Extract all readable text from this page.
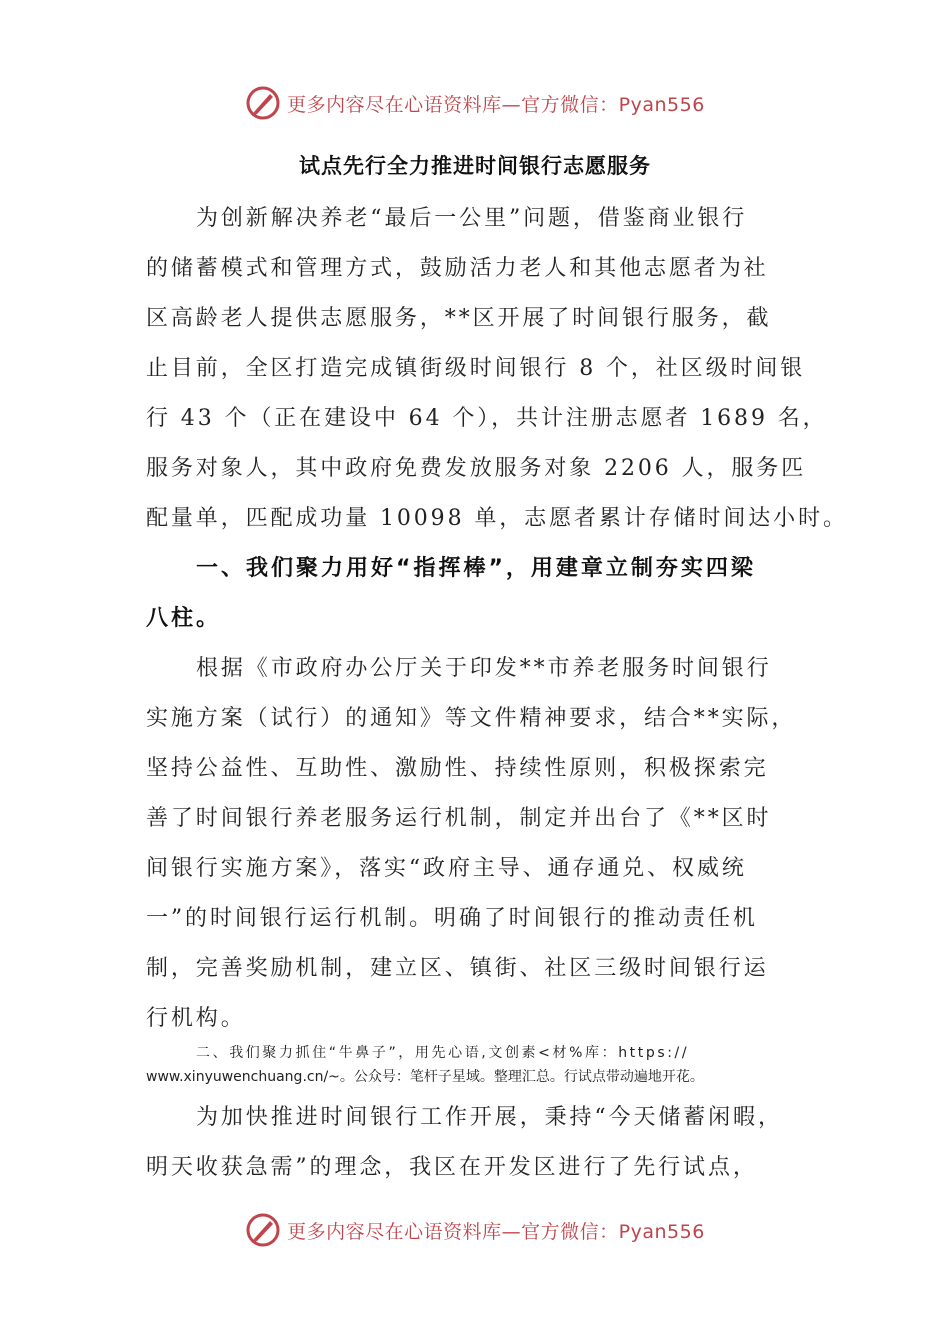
更多内容尽在心语资料库—官方微信：Pyan556
试点先行全力推进时间银行志愿服务
为创新解决养老“最后一公里”问题，借鉴商业银行
的储蓄模式和管理方式，鼓励活力老人和其他志愿者为社
区高龄老人提供志愿服务，**区开展了时间银行服务，截
止目前，全区打造完成镇街级时间银行 8 个，社区级时间银
行 43 个（正在建设中 64 个），共计注册志愿者 1689 名，
服务对象人，其中政府免费发放服务对象 2206 人，服务匹
配量单，匹配成功量 10098 单，志愿者累计存储时间达小时。
一、我们聚力用好“指挥棒”，用建章立制夯实四梁
八柱。
根据《市政府办公厅关于印发**市养老服务时间银行
实施方案（试行）的通知》等文件精神要求，结合**实际，
坚持公益性、互助性、激励性、持续性原则，积极探索完
善了时间银行养老服务运行机制，制定并出台了《**区时
间银行实施方案》，落实“政府主导、通存通兑、权威统
一”的时间银行运行机制。明确了时间银行的推动责任机
制，完善奖励机制，建立区、镇街、社区三级时间银行运
行机构。
二、我们聚力抓住“牛鼻子”，用先心语,文创素<材%库：https://
www.xinyuwenchuang.cn/~。公众号：笔杆子星域。整理汇总。行试点带动遍地开花。
为加快推进时间银行工作开展，秉持“今天储蓄闲暇，
明天收获急需”的理念，我区在开发区进行了先行试点，
更多内容尽在心语资料库—官方微信：Pyan556
